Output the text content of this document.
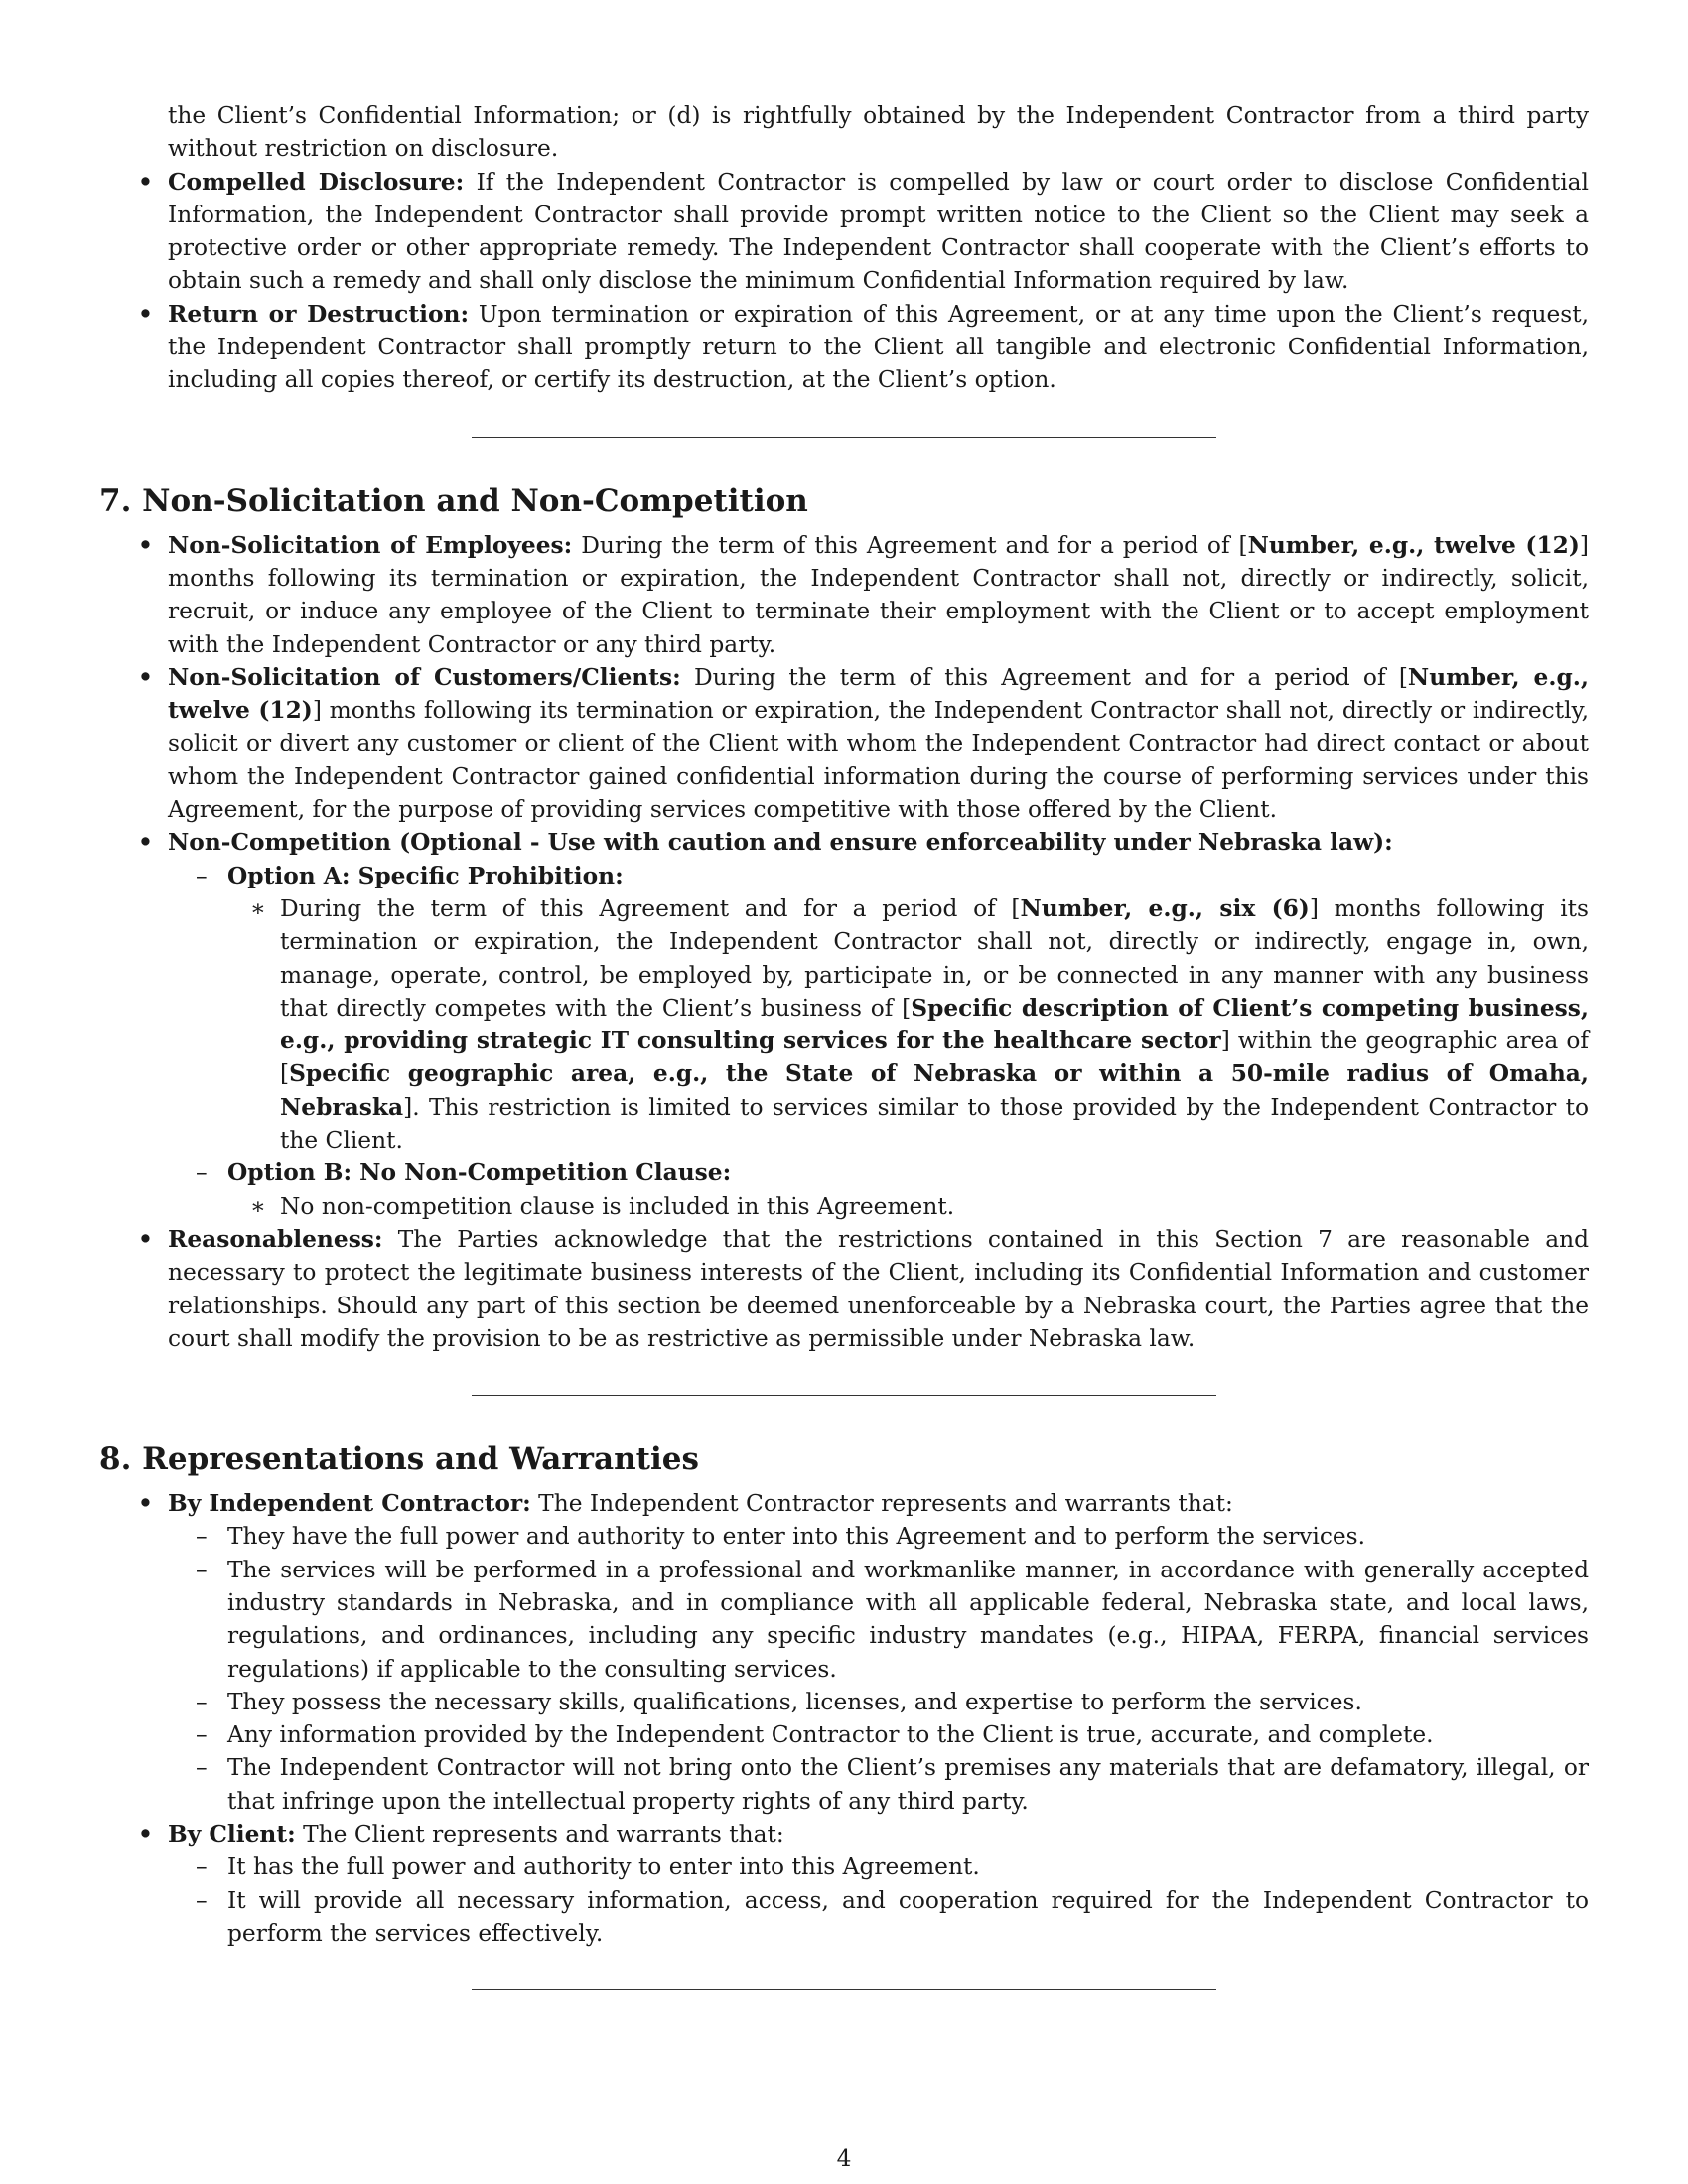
the Client’s Confidential Information; or (d) is rightfully obtained by the Independent Contractor from a third party without restriction on disclosure.

• Compelled Disclosure: If the Independent Contractor is compelled by law or court order to disclose Confidential Information, the Independent Contractor shall provide prompt written notice to the Client so the Client may seek a protective order or other appropriate remedy. The Independent Contractor shall cooperate with the Client’s efforts to obtain such a remedy and shall only disclose the minimum Confidential Information required by law.
• Return or Destruction: Upon termination or expiration of this Agreement, or at any time upon the Client’s request, the Independent Contractor shall promptly return to the Client all tangible and electronic Confidential Information, including all copies thereof, or certify its destruction, at the Client’s option.
7. Non-Solicitation and Non-Competition
• Non-Solicitation of Employees: During the term of this Agreement and for a period of [Number, e.g., twelve (12)] months following its termination or expiration, the Independent Contractor shall not, directly or indirectly, solicit, recruit, or induce any employee of the Client to terminate their employment with the Client or to accept employment with the Independent Contractor or any third party.
• Non-Solicitation of Customers/Clients: During the term of this Agreement and for a period of [Number, e.g., twelve (12)] months following its termination or expiration, the Independent Contractor shall not, directly or indirectly, solicit or divert any customer or client of the Client with whom the Independent Contractor had direct contact or about whom the Independent Contractor gained confidential information during the course of performing services under this Agreement, for the purpose of providing services competitive with those offered by the Client.
• Non-Competition (Optional - Use with caution and ensure enforceability under Nebraska law):
– Option A: Specific Prohibition:
∗ During the term of this Agreement and for a period of [Number, e.g., six (6)] months following its termination or expiration, the Independent Contractor shall not, directly or indirectly, engage in, own, manage, operate, control, be employed by, participate in, or be connected in any manner with any business that directly competes with the Client’s business of [Specific description of Client’s competing business, e.g., providing strategic IT consulting services for the healthcare sector] within the geographic area of [Specific geographic area, e.g., the State of Nebraska or within a 50-mile radius of Omaha, Nebraska]. This restriction is limited to services similar to those provided by the Independent Contractor to the Client.
– Option B: No Non-Competition Clause:
∗ No non-competition clause is included in this Agreement.
• Reasonableness: The Parties acknowledge that the restrictions contained in this Section 7 are reasonable and necessary to protect the legitimate business interests of the Client, including its Confidential Information and customer relationships. Should any part of this section be deemed unenforceable by a Nebraska court, the Parties agree that the court shall modify the provision to be as restrictive as permissible under Nebraska law.
8. Representations and Warranties
• By Independent Contractor: The Independent Contractor represents and warrants that:
– They have the full power and authority to enter into this Agreement and to perform the services.
– The services will be performed in a professional and workmanlike manner, in accordance with generally accepted industry standards in Nebraska, and in compliance with all applicable federal, Nebraska state, and local laws, regulations, and ordinances, including any specific industry mandates (e.g., HIPAA, FERPA, financial services regulations) if applicable to the consulting services.
– They possess the necessary skills, qualifications, licenses, and expertise to perform the services.
– Any information provided by the Independent Contractor to the Client is true, accurate, and complete.
– The Independent Contractor will not bring onto the Client’s premises any materials that are defamatory, illegal, or that infringe upon the intellectual property rights of any third party.
• By Client: The Client represents and warrants that:
– It has the full power and authority to enter into this Agreement.
– It will provide all necessary information, access, and cooperation required for the Independent Contractor to perform the services effectively.
4
